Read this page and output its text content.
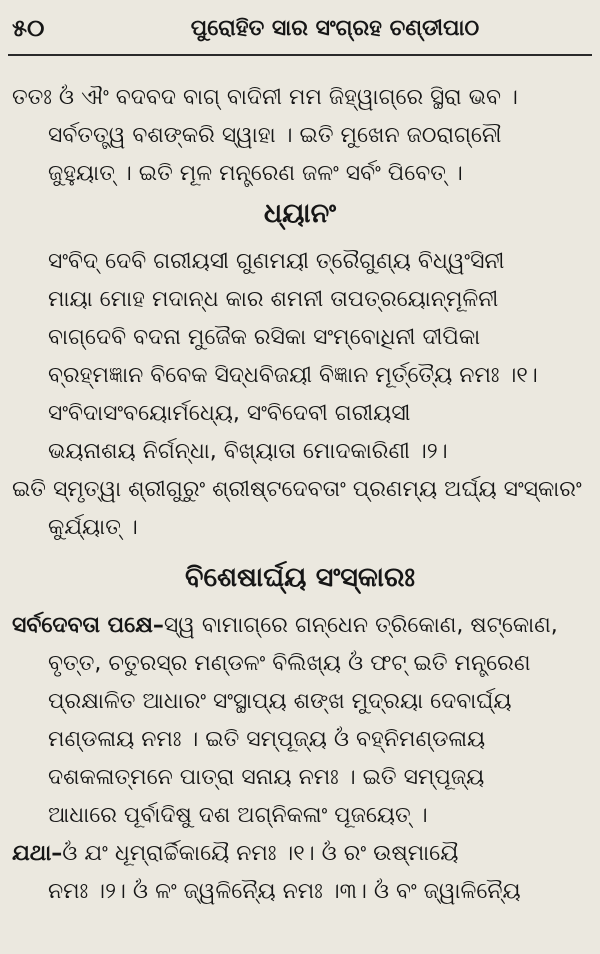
୫୦	ପୁରୋହିତ ସାର ସଂଗ୍ରହ ଚଣ୍ଡୀପାଠ
ତତଃ ଓଁ ଐଂ ବଦବଦ ବାଗ୍ ବାଦିନୀ ମମ ଜିହ୍ୱାଗ୍ରେ ସ୍ଥିରା ଭବ ।
ସର୍ବତତ୍ତ୍ୱ ବଶଙ୍କରି ସ୍ୱାହା । ଇତି ମୁଖେନ ଜଠରାଗ୍ନୌ
ଜୁହୁୟାତ୍ । ଇତି ମୂଳ ମନ୍ତ୍ରେଣ ଜଳଂ ସର୍ବଂ ପିବେତ୍ ।
ଧ୍ୟାନଂ
ସଂବିଦ୍ ଦେବି ଗରୀୟସୀ ଗୁଣମୟୀ ତ୍ରୈଗୁଣ୍ୟ ବିଧ୍ୱଂସିନୀ
ମାୟା ମୋହ ମଦାନ୍ଧ କାର ଶମନୀ ତାପତ୍ରୟୋନ୍ମୂଳିନୀ
ବାଗ୍‌ଦେବି ବଦନା ମୁଜୈକ ରସିକା ସଂମ୍ବୋଧିନୀ ଦୀପିକା
ବ୍ରହ୍ମଜ୍ଞାନ ବିବେକ ସିଦ୍ଧବିଜୟୀ ବିଜ୍ଞାନ ମୂର୍ତ୍ତ୍ୟୈ ନମଃ ।୧।
ସଂବିଦାସଂବୟୋର୍ମଧ୍ୟେ, ସଂବିଦେବୀ ଗରୀୟସୀ
ଭୟନାଶୟ ନିର୍ଗନ୍ଧା, ବିଖ୍ୟାତା ମୋଦକାରିଣୀ ।୨।
ଇତି ସ୍ମୃତ୍ୱା ଶ୍ରୀଗୁରୁଂ ଶ୍ରୀଷ୍ଟଦେବତାଂ ପ୍ରଣମ୍ୟ ଅର୍ଘ୍ୟ ସଂସ୍କାରଂ
କୁର୍ଯ୍ୟାତ୍ ।
ବିଶେଷାର୍ଘ୍ୟ ସଂସ୍କାରଃ
ସର୍ବଦେବତା ପକ୍ଷେ–ସ୍ୱ ବାମାଗ୍ରେ ଗନ୍ଧେନ ତ୍ରିକୋଣ, ଷଟ୍‌କୋଣ,
ବୃତ୍ତ, ଚତୁରସ୍ର ମଣ୍ଡଳଂ ବିଲିଖ୍ୟ ଓଁ ଫଟ୍ ଇତି ମନ୍ତ୍ରେଣ
ପ୍ରକ୍ଷାଳିତ ଆଧାରଂ ସଂସ୍ଥାପ୍ୟ ଶଙ୍ଖ ମୁଦ୍ରୟା ଦେବାର୍ଘ୍ୟ
ମଣ୍ଡଳାୟ ନମଃ । ଇତି ସମ୍ପୂଜ୍ୟ ଓଁ ବହ୍ନିମଣ୍ଡଳାୟ
ଦଶକଳାତ୍ମନେ ପାତ୍ରା ସନାୟ ନମଃ । ଇତି ସମ୍ପୂଜ୍ୟ
ଆଧାରେ ପୂର୍ବାଦିଷୁ ଦଶ ଅଗ୍ନିକଳାଂ ପୂଜୟେତ୍ ।
ଯଥା–ଓଁ ଯଂ ଧୂମ୍ରାର୍ଚ୍ଚିକାୟୈ ନମଃ ।୧। ଓଁ ରଂ ଉଷ୍ମାୟୈ
ନମଃ ।୨। ଓଁ ଳଂ ଜ୍ୱଳିନ୍ୟୈ ନମଃ ।୩। ଓଁ ବଂ ଜ୍ୱାଳିନ୍ୟୈ
